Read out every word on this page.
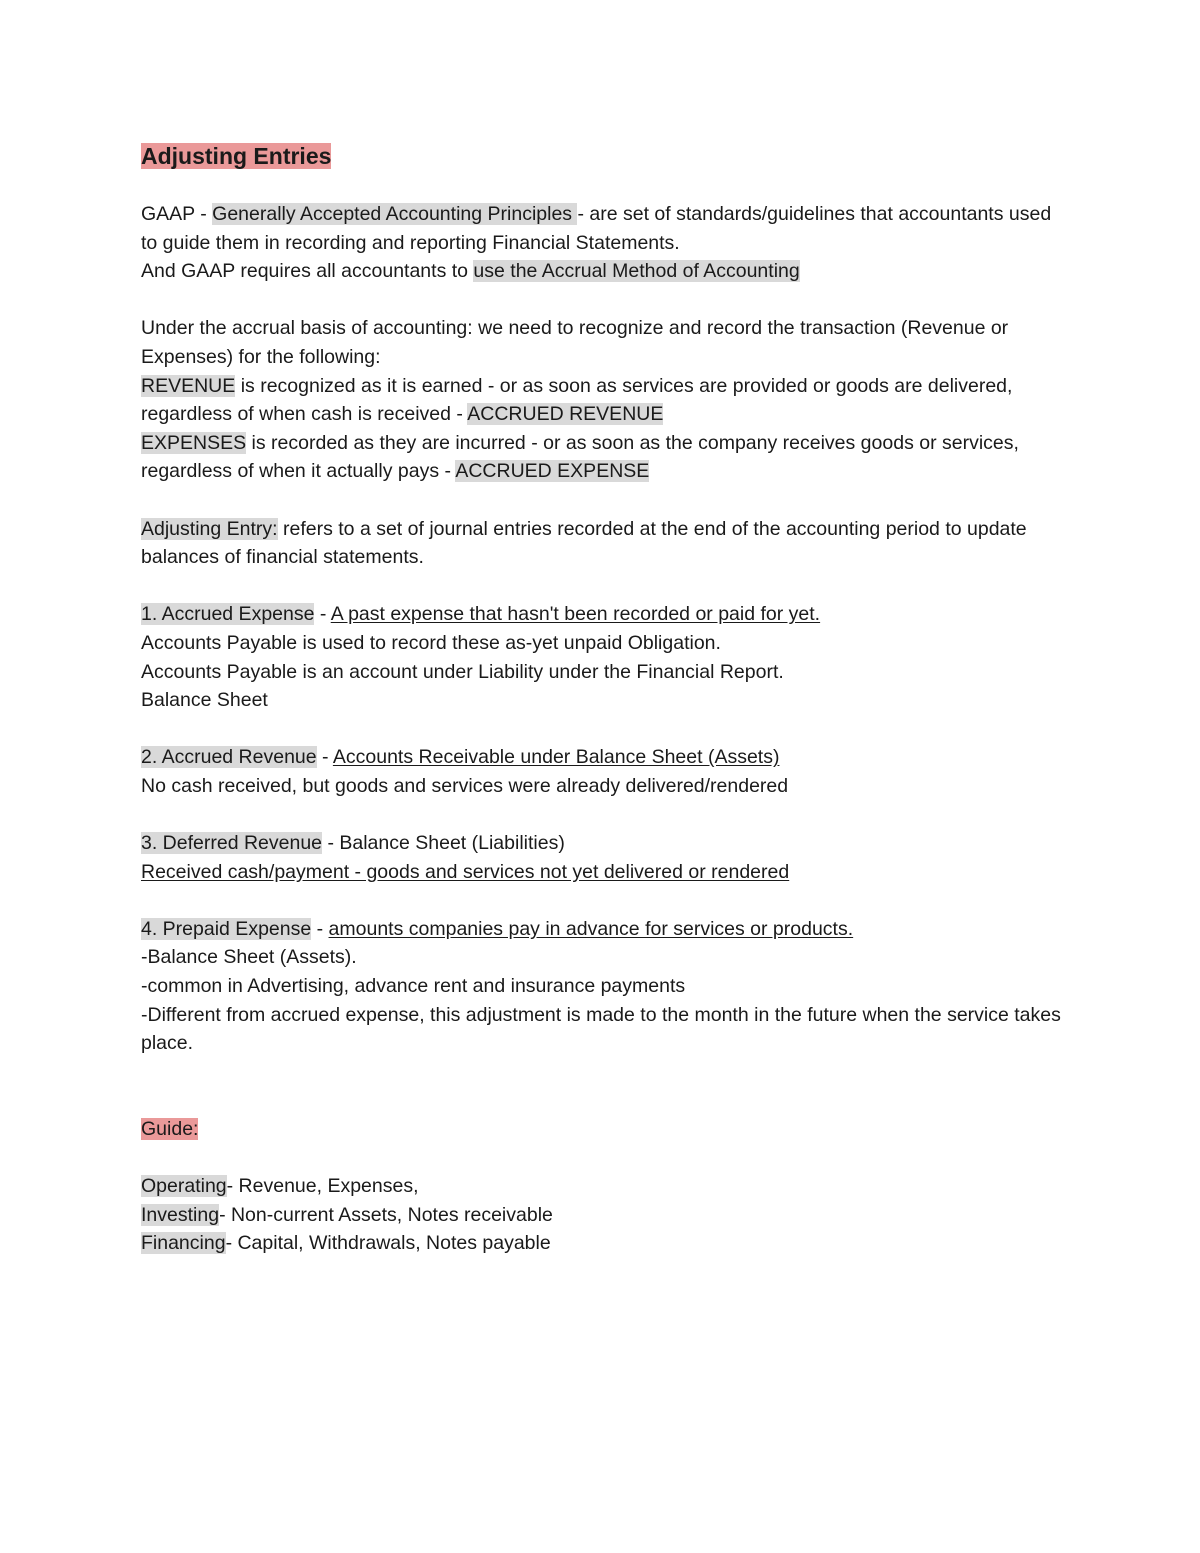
Adjusting Entries

GAAP - Generally Accepted Accounting Principles - are set of standards/guidelines that accountants used to guide them in recording and reporting Financial Statements.

And GAAP requires all accountants to use the Accrual Method of Accounting

Under the accrual basis of accounting: we need to recognize and record the transaction (Revenue or Expenses) for the following:

REVENUE is recognized as it is earned - or as soon as services are provided or goods are delivered, regardless of when cash is received - ACCRUED REVENUE

EXPENSES is recorded as they are incurred - or as soon as the company receives goods or services, regardless of when it actually pays - ACCRUED EXPENSE

Adjusting Entry: refers to a set of journal entries recorded at the end of the accounting period to update balances of financial statements.

1. Accrued Expense - A past expense that hasn't been recorded or paid for yet.

Accounts Payable is used to record these as-yet unpaid Obligation.

Accounts Payable is an account under Liability under the Financial Report.

Balance Sheet

2. Accrued Revenue - Accounts Receivable under Balance Sheet (Assets)

No cash received, but goods and services were already delivered/rendered

3. Deferred Revenue - Balance Sheet (Liabilities)

Received cash/payment - goods and services not yet delivered or rendered

4. Prepaid Expense - amounts companies pay in advance for services or products.

-Balance Sheet (Assets).

-common in Advertising, advance rent and insurance payments

-Different from accrued expense, this adjustment is made to the month in the future when the service takes place.

Guide:

Operating- Revenue, Expenses,

Investing- Non-current Assets, Notes receivable

Financing- Capital, Withdrawals, Notes payable
